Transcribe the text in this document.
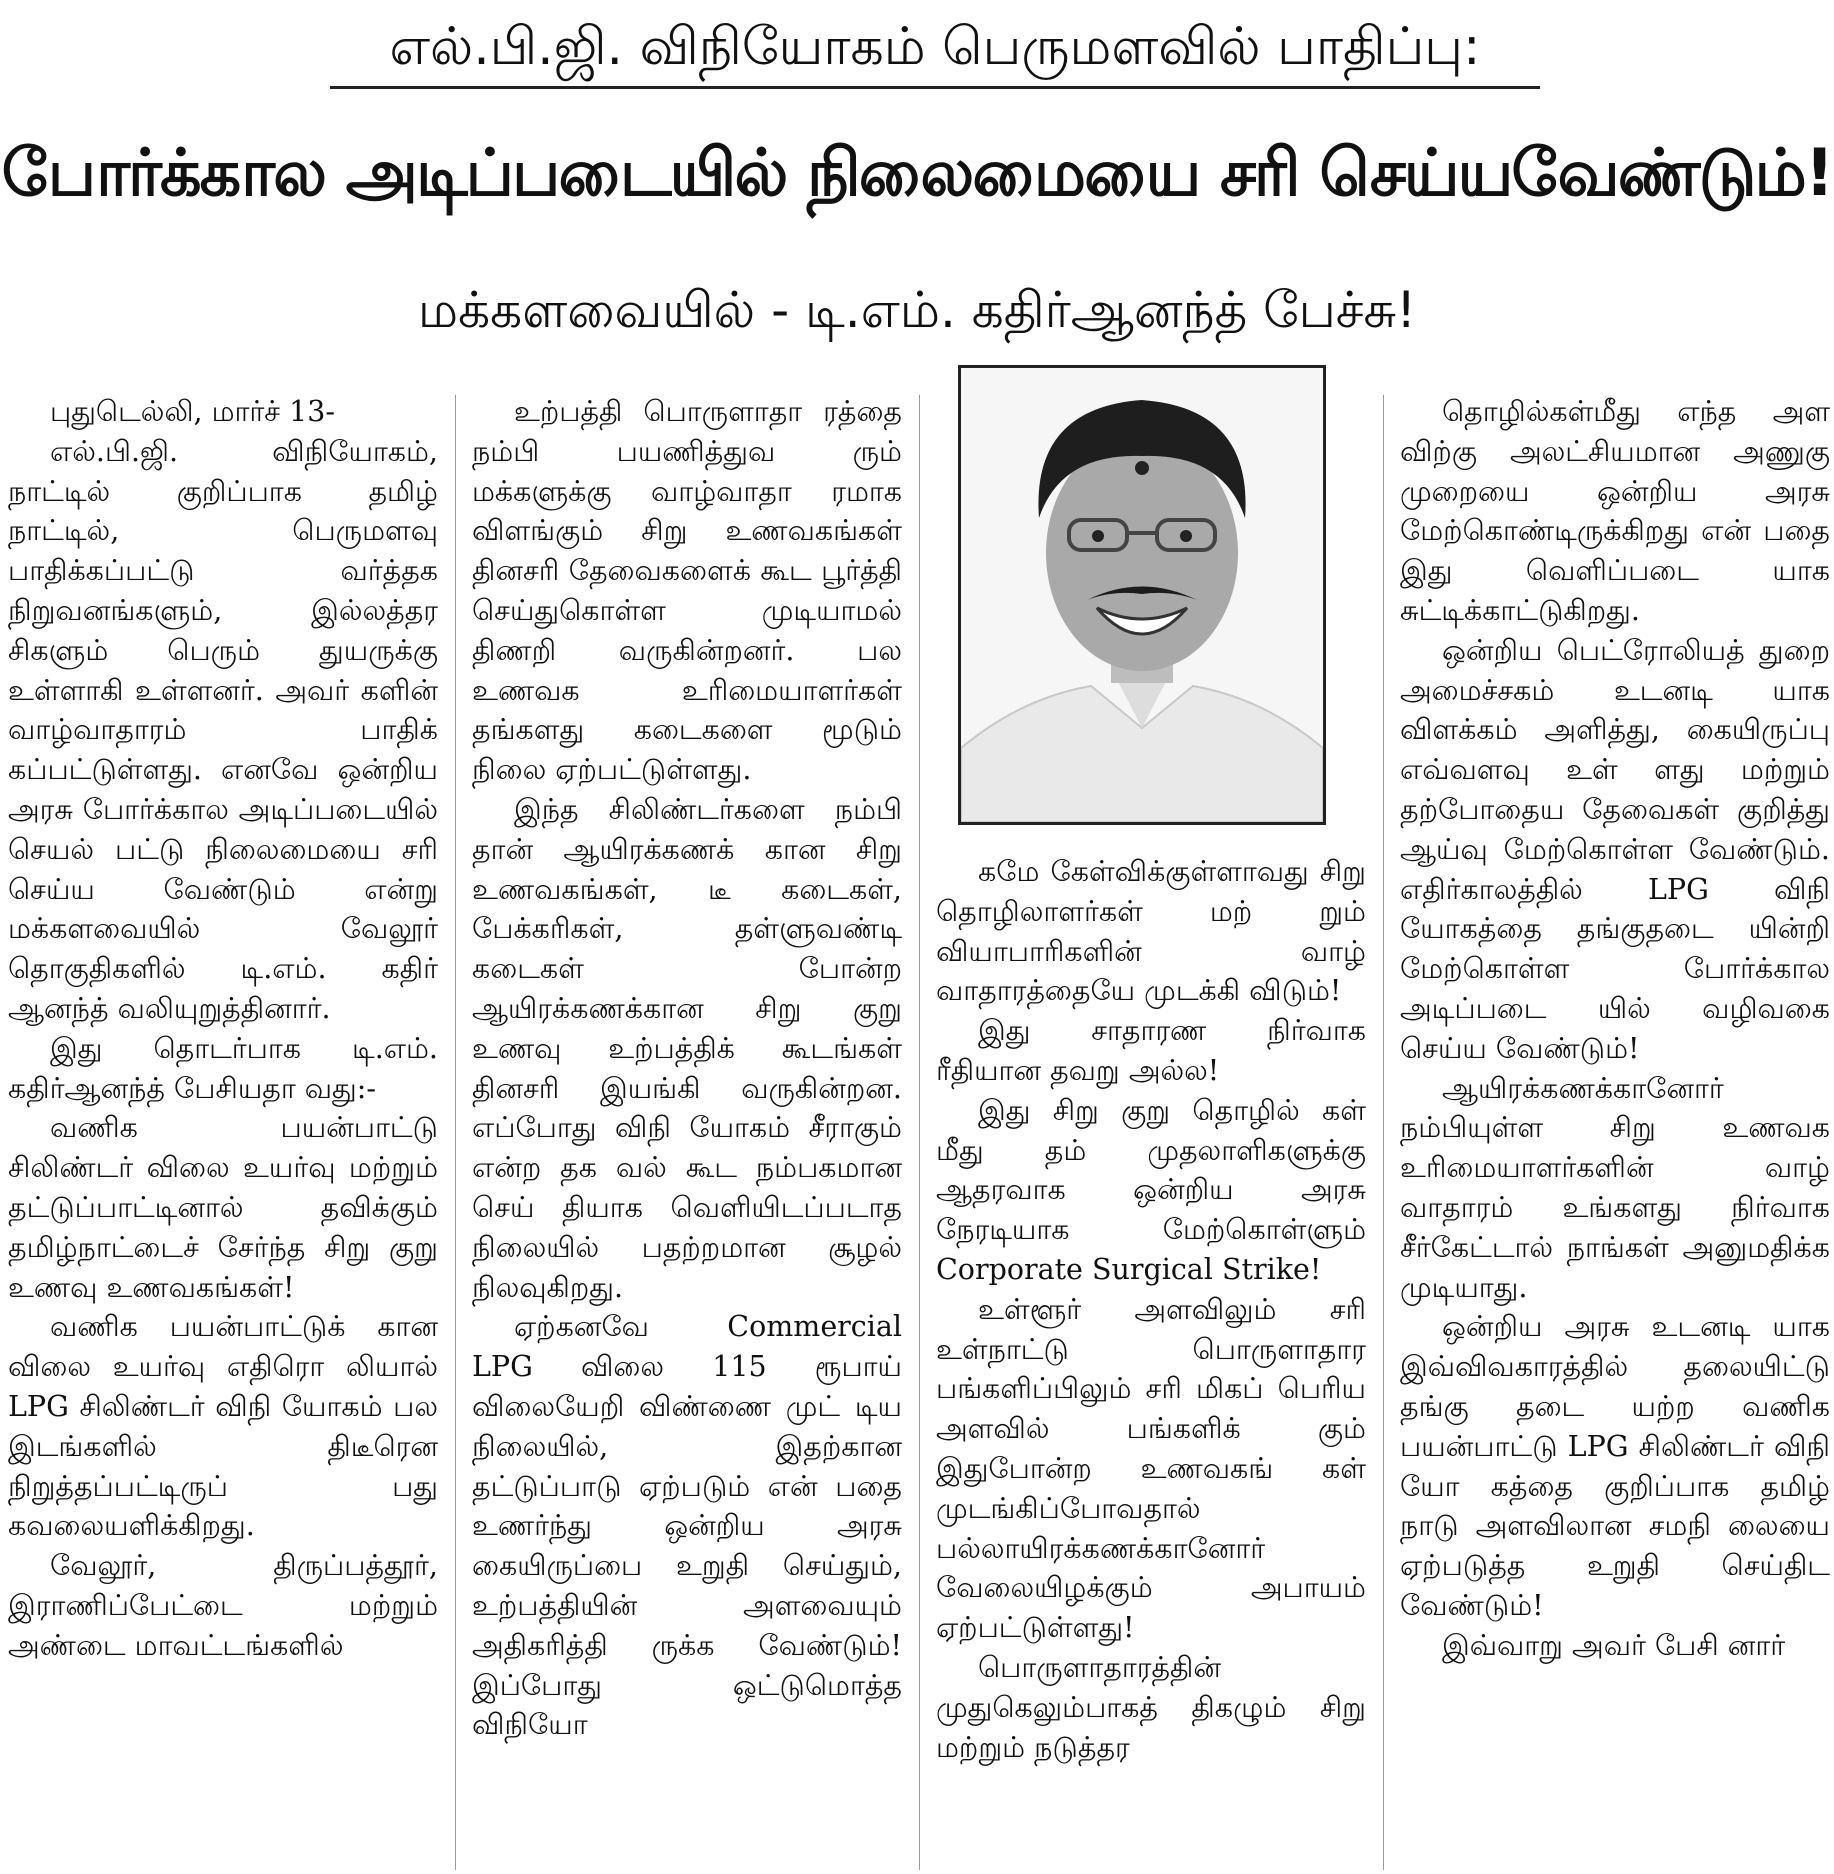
எல்.பி.ஜி. விநியோகம் பெருமளவில் பாதிப்பு:
போர்க்கால அடிப்படையில் நிலைமையை சரி செய்யவேண்டும்!
மக்களவையில் - டி.எம். கதிர்ஆனந்த் பேச்சு!

புதுடெல்லி, மார்ச் 13-

எல்.பி.ஜி. விநியோகம், நாட்டில் குறிப்பாக தமிழ் நாட்டில், பெருமளவு பாதிக்கப்பட்டு வர்த்தக நிறுவனங்களும், இல்லத்தர சிகளும் பெரும் துயருக்கு உள்ளாகி உள்ளனர். அவர் களின் வாழ்வாதாரம் பாதிக் கப்பட்டுள்ளது. எனவே ஒன்றிய அரசு போர்க்கால அடிப்படையில் செயல் பட்டு நிலைமையை சரி செய்ய வேண்டும் என்று மக்களவையில் வேலூர் தொகுதிகளில் டி.எம். கதிர் ஆனந்த் வலியுறுத்தினார்.

இது தொடர்பாக டி.எம். கதிர்ஆனந்த் பேசியதா வது:-

வணிக பயன்பாட்டு சிலிண்டர் விலை உயர்வு மற்றும் தட்டுப்பாட்டினால் தவிக்கும் தமிழ்நாட்டைச் சேர்ந்த சிறு குறு உணவு உணவகங்கள்!

வணிக பயன்பாட்டுக் கான விலை உயர்வு எதிரொ லியால் LPG சிலிண்டர் விநி யோகம் பல இடங்களில் திடீரென நிறுத்தப்பட்டிருப் பது கவலையளிக்கிறது.

வேலூர், திருப்பத்தூர், இராணிப்பேட்டை மற்றும் அண்டை மாவட்டங்களில்

உற்பத்தி பொருளாதா ரத்தை நம்பி பயணித்துவ ரும் மக்களுக்கு வாழ்வாதா ரமாக விளங்கும் சிறு உணவகங்கள் தினசரி தேவைகளைக் கூட பூர்த்தி செய்துகொள்ள முடியாமல் திணறி வருகின்றனர். பல உணவக உரிமையாளர்கள் தங்களது கடைகளை மூடும் நிலை ஏற்பட்டுள்ளது.

இந்த சிலிண்டர்களை நம்பி தான் ஆயிரக்கணக் கான சிறு உணவகங்கள், டீ கடைகள், பேக்கரிகள், தள்ளுவண்டி கடைகள் போன்ற ஆயிரக்கணக்கான சிறு குறு உணவு உற்பத்திக் கூடங்கள் தினசரி இயங்கி வருகின்றன. எப்போது விநி யோகம் சீராகும் என்ற தக வல் கூட நம்பகமான செய் தியாக வெளியிடப்படாத நிலையில் பதற்றமான சூழல் நிலவுகிறது.

ஏற்கனவே Commercial LPG விலை 115 ரூபாய் விலையேறி விண்ணை முட் டிய நிலையில், இதற்கான தட்டுப்பாடு ஏற்படும் என் பதை உணர்ந்து ஒன்றிய அரசு கையிருப்பை உறுதி செய்தும், உற்பத்தியின் அளவையும் அதிகரித்தி ருக்க வேண்டும்! இப்போது ஒட்டுமொத்த விநியோ

கமே கேள்விக்குள்ளாவது சிறு தொழிலாளர்கள் மற் றும் வியாபாரிகளின் வாழ் வாதாரத்தையே முடக்கி விடும்!

இது சாதாரண நிர்வாக ரீதியான தவறு அல்ல!

இது சிறு குறு தொழில் கள் மீது தம் முதலாளிகளுக்கு ஆதரவாக ஒன்றிய அரசு நேரடியாக மேற்கொள்ளும் Corporate Surgical Strike!

உள்ளூர் அளவிலும் சரி உள்நாட்டு பொருளாதார பங்களிப்பிலும் சரி மிகப் பெரிய அளவில் பங்களிக் கும் இதுபோன்ற உணவகங் கள் முடங்கிப்போவதால் பல்லாயிரக்கணக்கானோர் வேலையிழக்கும் அபாயம் ஏற்பட்டுள்ளது!

பொருளாதாரத்தின் முதுகெலும்பாகத் திகழும் சிறு மற்றும் நடுத்தர

தொழில்கள்மீது எந்த அள விற்கு அலட்சியமான அணுகு முறையை ஒன்றிய அரசு மேற்கொண்டிருக்கிறது என் பதை இது வெளிப்படை யாக சுட்டிக்காட்டுகிறது.

ஒன்றிய பெட்ரோலியத் துறை அமைச்சகம் உடனடி யாக விளக்கம் அளித்து, கையிருப்பு எவ்வளவு உள் ளது மற்றும் தற்போதைய தேவைகள் குறித்து ஆய்வு மேற்கொள்ள வேண்டும். எதிர்காலத்தில் LPG விநி யோகத்தை தங்குதடை யின்றி மேற்கொள்ள போர்க்கால அடிப்படை யில் வழிவகை செய்ய வேண்டும்!

ஆயிரக்கணக்கானோர் நம்பியுள்ள சிறு உணவக உரிமையாளர்களின் வாழ் வாதாரம் உங்களது நிர்வாக சீர்கேட்டால் நாங்கள் அனுமதிக்க முடியாது.

ஒன்றிய அரசு உடனடி யாக இவ்விவகாரத்தில் தலையிட்டு தங்கு தடை யற்ற வணிக பயன்பாட்டு LPG சிலிண்டர் விநி யோ கத்தை குறிப்பாக தமிழ் நாடு அளவிலான சமநி லையை ஏற்படுத்த உறுதி செய்திட வேண்டும்!

இவ்வாறு அவர் பேசி னார்
